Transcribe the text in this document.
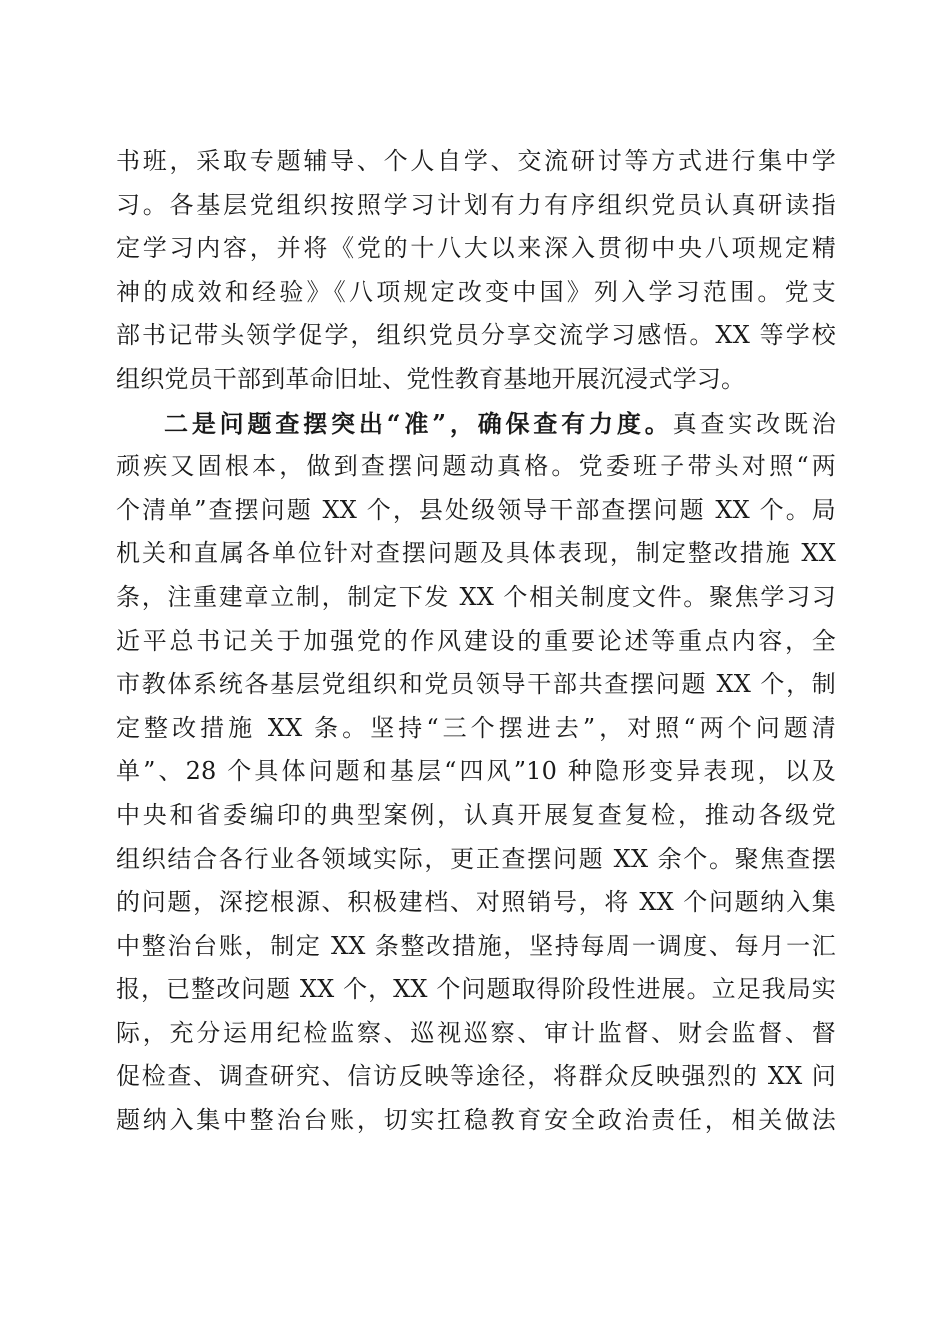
书班，采取专题辅导、个人自学、交流研讨等方式进行集中学
习。各基层党组织按照学习计划有力有序组织党员认真研读指
定学习内容，并将《党的十八大以来深入贯彻中央八项规定精
神的成效和经验》《八项规定改变中国》列入学习范围。党支
部书记带头领学促学，组织党员分享交流学习感悟。XX 等学校
组织党员干部到革命旧址、党性教育基地开展沉浸式学习。
二是问题查摆突出“准”，确保查有力度。真查实改既治
顽疾又固根本，做到查摆问题动真格。党委班子带头对照“两
个清单”查摆问题 XX 个，县处级领导干部查摆问题 XX 个。局
机关和直属各单位针对查摆问题及具体表现，制定整改措施 XX
条，注重建章立制，制定下发 XX 个相关制度文件。聚焦学习习
近平总书记关于加强党的作风建设的重要论述等重点内容，全
市教体系统各基层党组织和党员领导干部共查摆问题 XX 个，制
定整改措施 XX 条。坚持“三个摆进去”，对照“两个问题清
单”、28 个具体问题和基层“四风”10 种隐形变异表现，以及
中央和省委编印的典型案例，认真开展复查复检，推动各级党
组织结合各行业各领域实际，更正查摆问题 XX 余个。聚焦查摆
的问题，深挖根源、积极建档、对照销号，将 XX 个问题纳入集
中整治台账，制定 XX 条整改措施，坚持每周一调度、每月一汇
报，已整改问题 XX 个，XX 个问题取得阶段性进展。立足我局实
际，充分运用纪检监察、巡视巡察、审计监督、财会监督、督
促检查、调查研究、信访反映等途径，将群众反映强烈的 XX 问
题纳入集中整治台账，切实扛稳教育安全政治责任，相关做法
